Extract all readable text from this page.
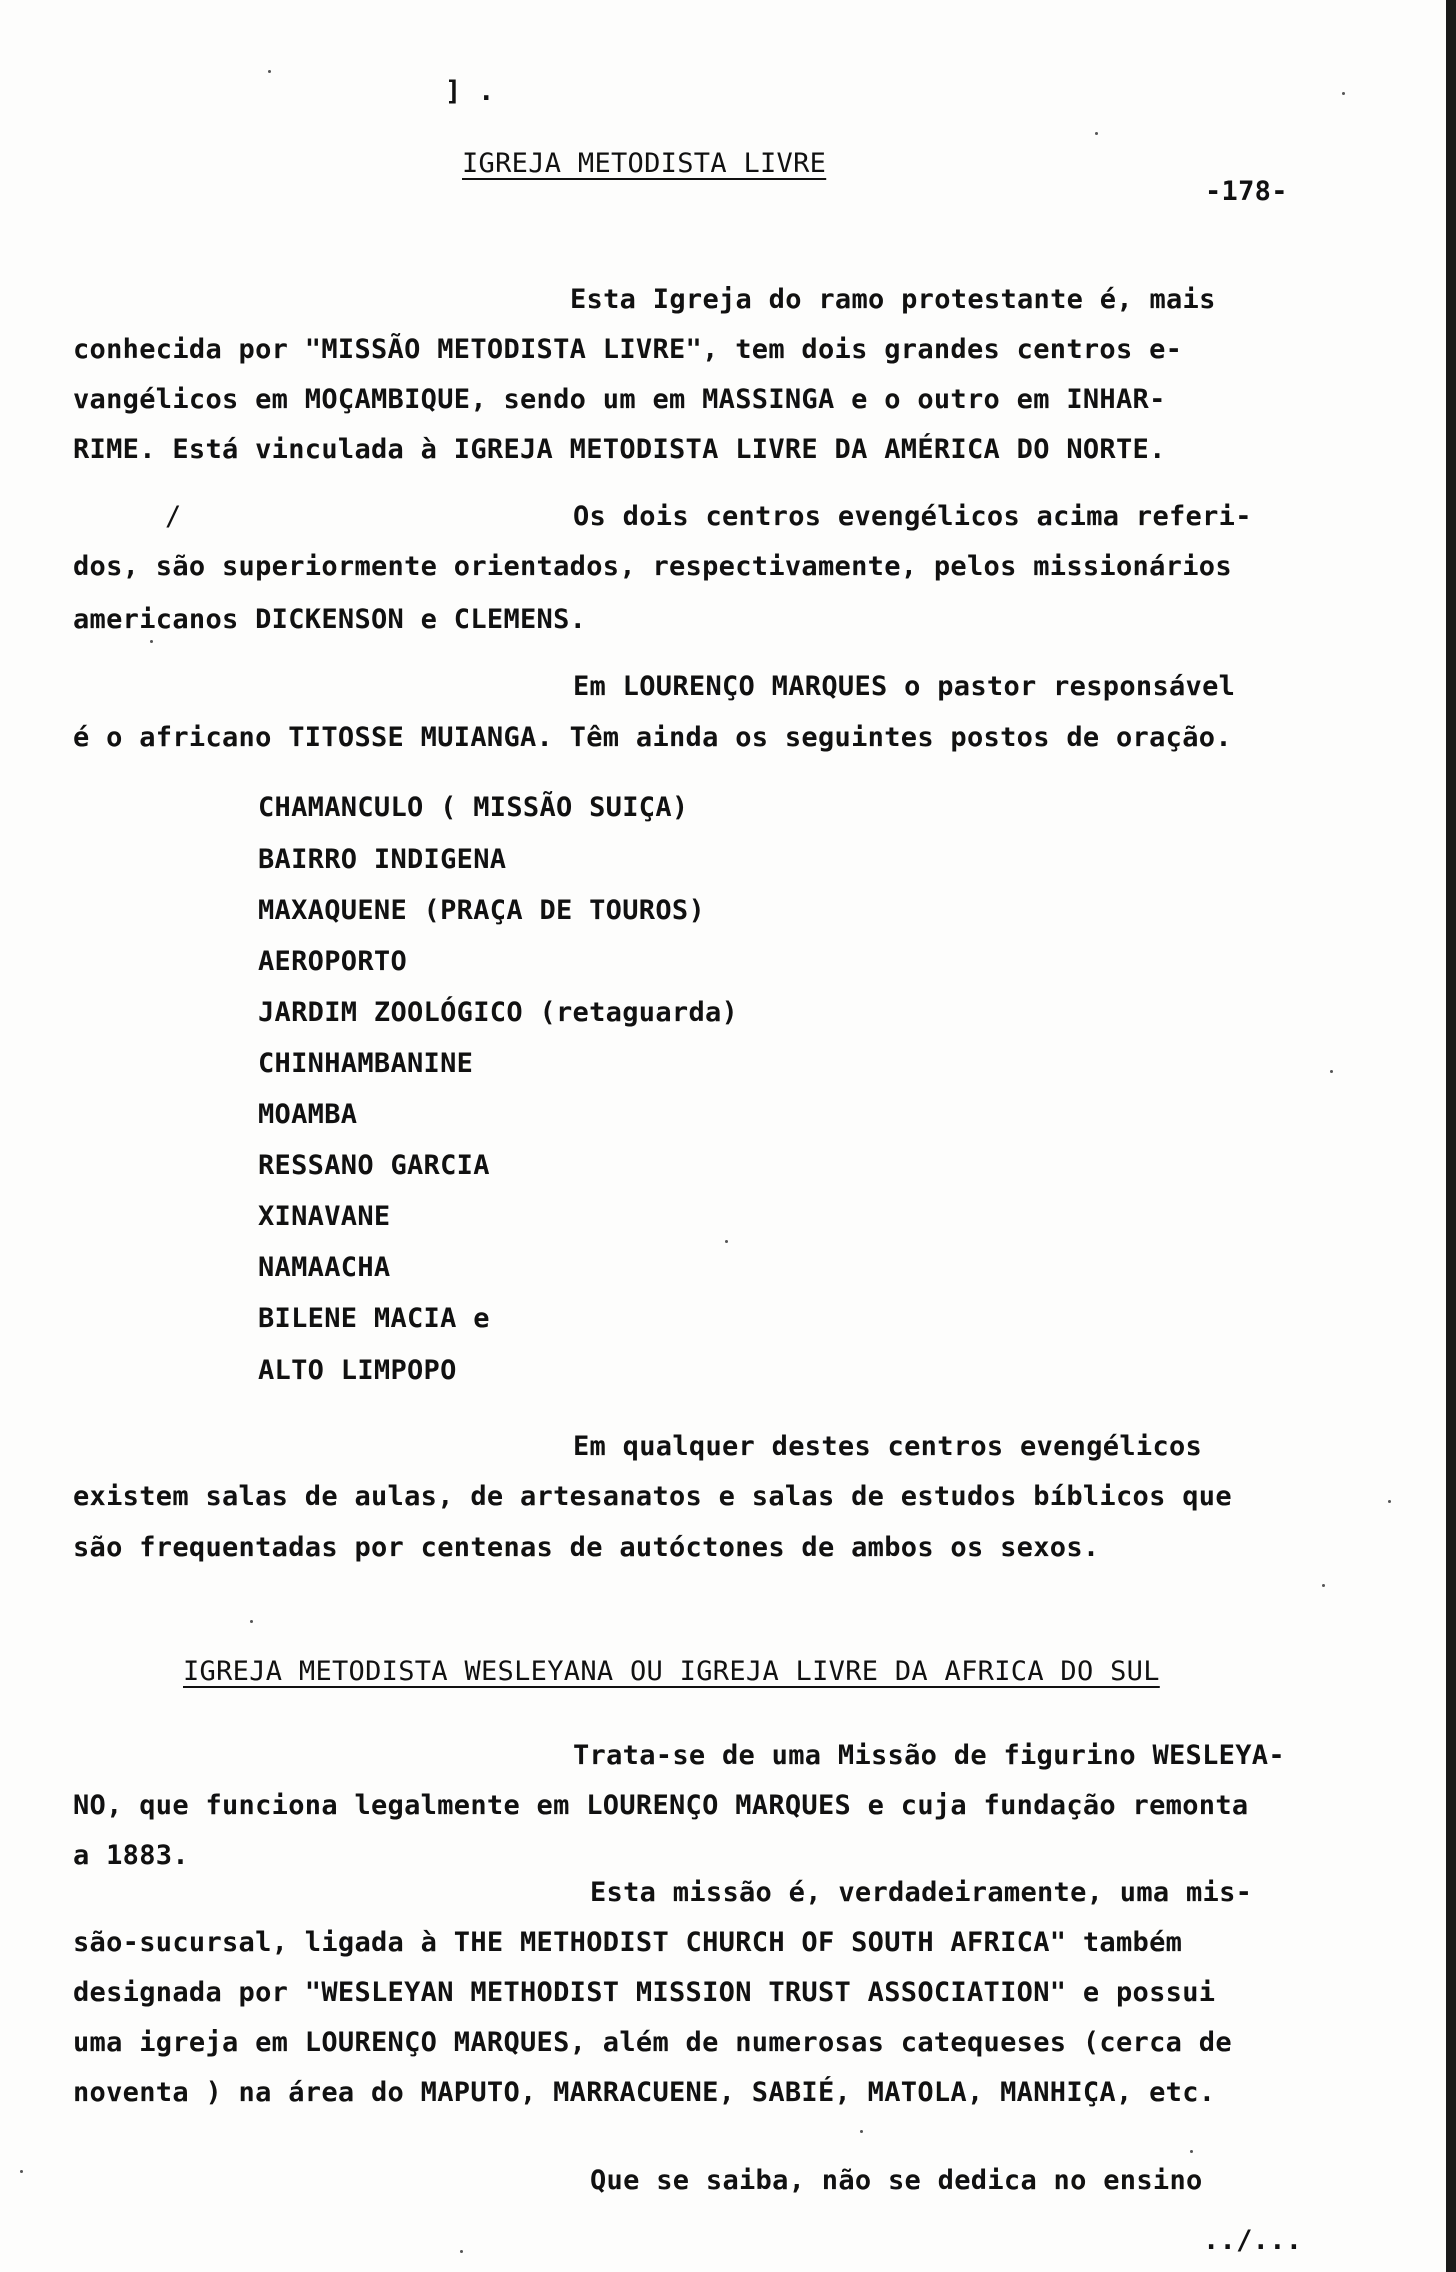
] .
-178-
IGREJA METODISTA LIVRE
Esta Igreja do ramo protestante é, mais
conhecida por "MISSÃO METODISTA LIVRE", tem dois grandes centros e-
vangélicos em MOÇAMBIQUE, sendo um em MASSINGA e o outro em INHAR-
RIME. Está vinculada à IGREJA METODISTA LIVRE DA AMÉRICA DO NORTE.
/	Os dois centros evengélicos acima referi-
dos, são superiormente orientados, respectivamente, pelos missionários
americanos DICKENSON e CLEMENS.
Em LOURENÇO MARQUES o pastor responsável
é o africano TITOSSE MUIANGA. Têm ainda os seguintes postos de oração.
CHAMANCULO ( MISSÃO SUIÇA)
BAIRRO INDIGENA
MAXAQUENE (PRAÇA DE TOUROS)
AEROPORTO
JARDIM ZOOLÓGICO (retaguarda)
CHINHAMBANINE
MOAMBA
RESSANO GARCIA
XINAVANE
NAMAACHA
BILENE MACIA e
ALTO LIMPOPO
Em qualquer destes centros evengélicos
existem salas de aulas, de artesanatos e salas de estudos bíblicos que
são frequentadas por centenas de autóctones de ambos os sexos.
IGREJA METODISTA WESLEYANA OU IGREJA LIVRE DA AFRICA DO SUL
Trata-se de uma Missão de figurino WESLEYA-
NO, que funciona legalmente em LOURENÇO MARQUES e cuja fundação remonta
a 1883.
Esta missão é, verdadeiramente, uma mis-
são-sucursal, ligada à THE METHODIST CHURCH OF SOUTH AFRICA" também
designada por "WESLEYAN METHODIST MISSION TRUST ASSOCIATION" e possui
uma igreja em LOURENÇO MARQUES, além de numerosas catequeses (cerca de
noventa ) na área do MAPUTO, MARRACUENE, SABIÉ, MATOLA, MANHIÇA, etc.
Que se saiba, não se dedica no ensino
../...
